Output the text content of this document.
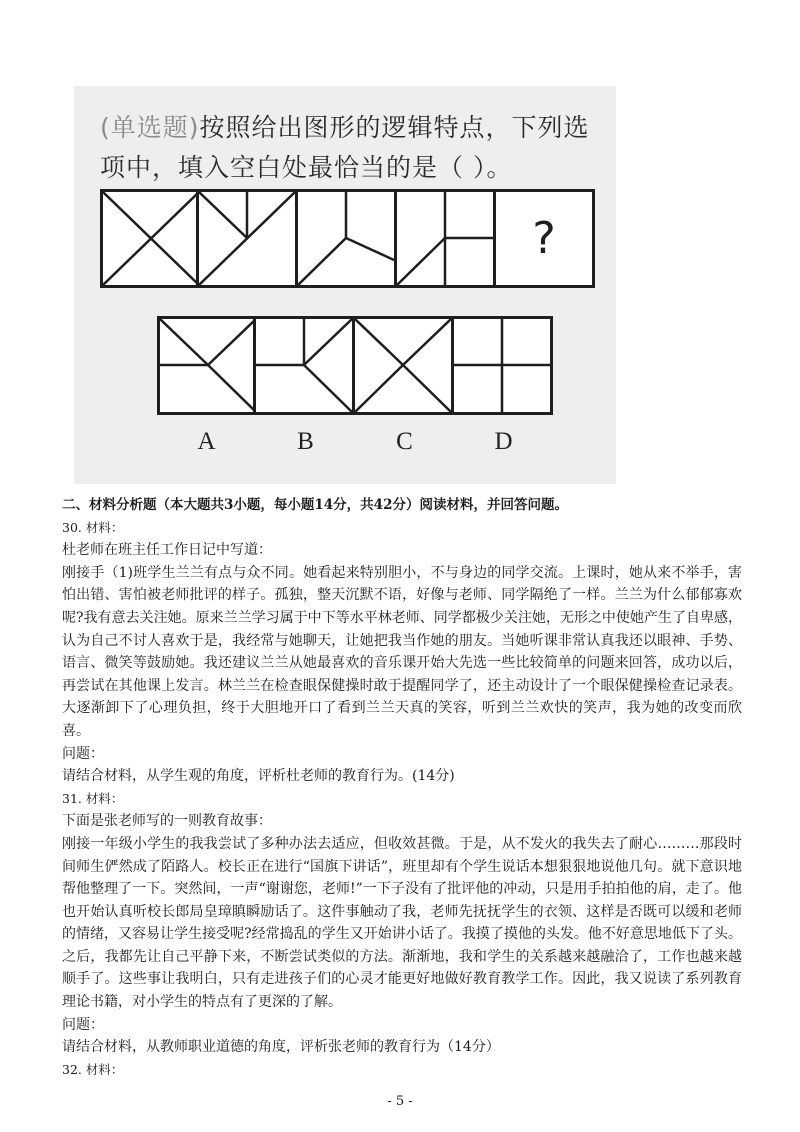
(单选题)按照给出图形的逻辑特点，下列选项中，填入空白处最恰当的是（ ）。
?
A	B	C	D

二、材料分析题（本大题共3小题，每小题14分，共42分）阅读材料，并回答问题。

30. 材料：

杜老师在班主任工作日记中写道：

刚接手（1)班学生兰兰有点与众不同。她看起来特别胆小，不与身边的同学交流。上课时，她从来不举手，害怕出错、害怕被老师批评的样子。孤独，整天沉默不语，好像与老师、同学隔绝了一样。兰兰为什么郁郁寡欢呢?我有意去关注她。原来兰兰学习属于中下等水平林老师、同学都极少关注她，无形之中使她产生了自卑感，认为自己不讨人喜欢于是，我经常与她聊天，让她把我当作她的朋友。当她听课非常认真我还以眼神、手势、语言、微笑等鼓励她。我还建议兰兰从她最喜欢的音乐课开始大先选一些比较简单的问题来回答，成功以后，再尝试在其他课上发言。林兰兰在检查眼保健操时敢于提醒同学了，还主动设计了一个眼保健操检查记录表。大逐渐卸下了心理负担，终于大胆地开口了看到兰兰天真的笑容，听到兰兰欢快的笑声，我为她的改变而欣喜。

问题：

请结合材料，从学生观的角度，评析杜老师的教育行为。(14分)

31. 材料：

下面是张老师写的一则教育故事：

刚接一年级小学生的我我尝试了多种办法去适应，但收效甚微。于是，从不发火的我失去了耐心………那段时间师生俨然成了陌路人。校长正在进行“国旗下讲话”，班里却有个学生说话本想狠狠地说他几句。就下意识地帮他整理了一下。突然间，一声“谢谢您，老师!”一下子没有了批评他的冲动，只是用手拍拍他的肩，走了。他也开始认真听校长郎局皇璋瞋瞬励话了。这件事触动了我，老师先抚抚学生的衣领、这样是否既可以缓和老师的情绪，又容易让学生接受呢?经常捣乱的学生又开始讲小话了。我摸了摸他的头发。他不好意思地低下了头。之后，我都先让自己平静下来，不断尝试类似的方法。渐渐地，我和学生的关系越来越融洽了，工作也越来越顺手了。这些事让我明白，只有走进孩子们的心灵才能更好地做好教育教学工作。因此，我又说读了系列教育理论书籍，对小学生的特点有了更深的了解。

问题：

请结合材料，从教师职业道德的角度，评析张老师的教育行为（14分）

32. 材料：

- 5 -
